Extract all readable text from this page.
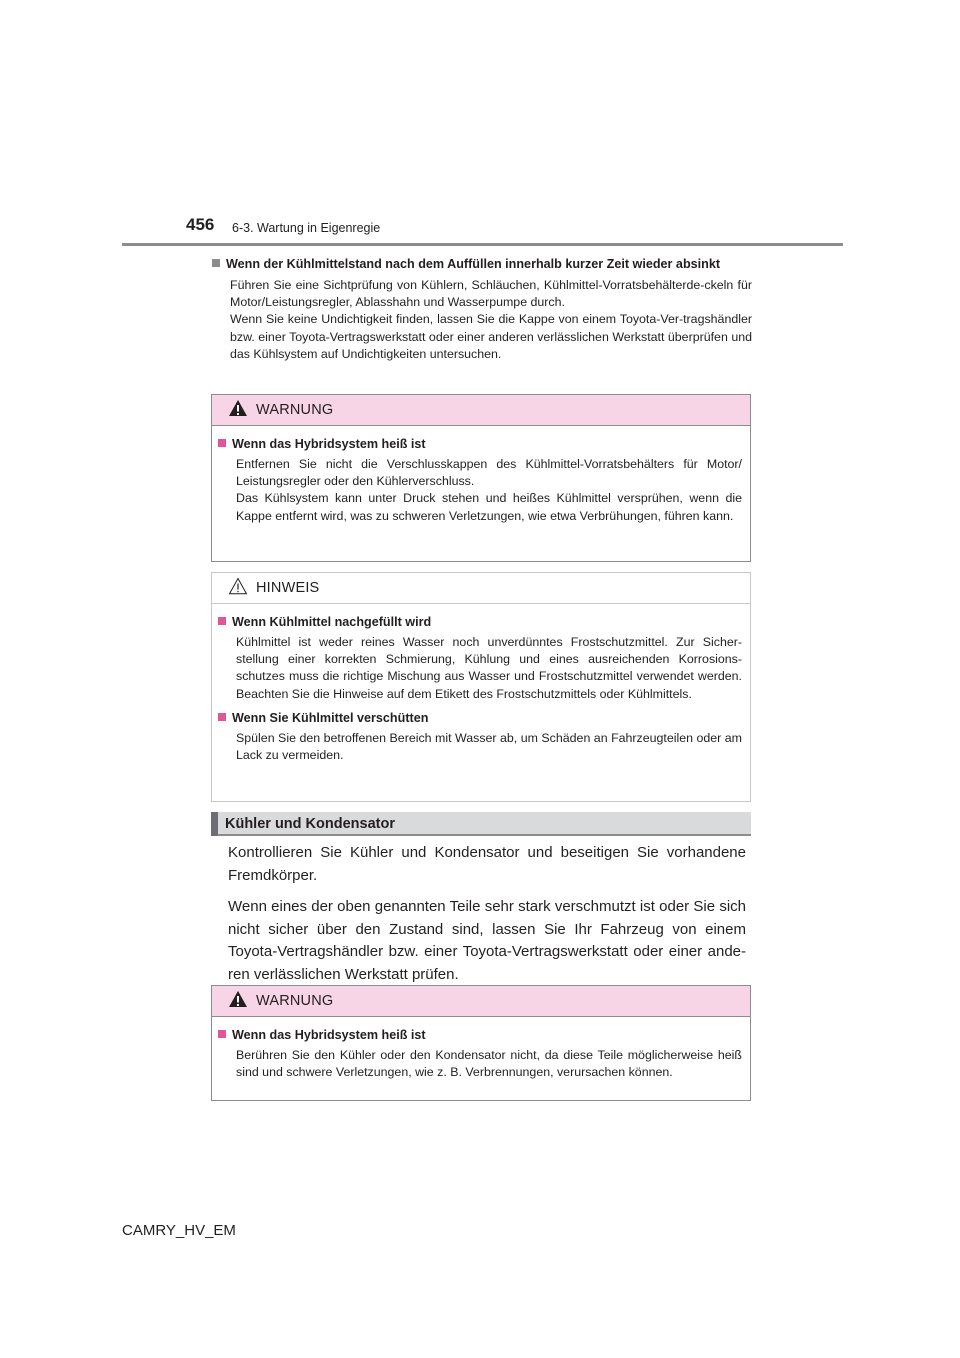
456 6-3. Wartung in Eigenregie
Wenn der Kühlmittelstand nach dem Auffüllen innerhalb kurzer Zeit wieder absinkt

Führen Sie eine Sichtprüfung von Kühlern, Schläuchen, Kühlmittel-Vorratsbehälterde-ckeln für Motor/Leistungsregler, Ablasshahn und Wasserpumpe durch.

Wenn Sie keine Undichtigkeit finden, lassen Sie die Kappe von einem Toyota-Ver-tragshändler bzw. einer Toyota-Vertragswerkstatt oder einer anderen verlässlichen Werkstatt überprüfen und das Kühlsystem auf Undichtigkeiten untersuchen.

WARNUNG
Wenn das Hybridsystem heiß ist

Entfernen Sie nicht die Verschlusskappen des Kühlmittel-Vorratsbehälters für Motor/ Leistungsregler oder den Kühlerverschluss.

Das Kühlsystem kann unter Druck stehen und heißes Kühlmittel versprühen, wenn die Kappe entfernt wird, was zu schweren Verletzungen, wie etwa Verbrühungen, führen kann.

HINWEIS
Wenn Kühlmittel nachgefüllt wird
Kühlmittel ist weder reines Wasser noch unverdünntes Frostschutzmittel. Zur Sicher-stellung einer korrekten Schmierung, Kühlung und eines ausreichenden Korrosions-schutzes muss die richtige Mischung aus Wasser und Frostschutzmittel verwendet werden. Beachten Sie die Hinweise auf dem Etikett des Frostschutzmittels oder Kühlmittels.
Wenn Sie Kühlmittel verschütten
Spülen Sie den betroffenen Bereich mit Wasser ab, um Schäden an Fahrzeugteilen oder am Lack zu vermeiden.
Kühler und Kondensator

Kontrollieren Sie Kühler und Kondensator und beseitigen Sie vorhandene Fremdkörper.

Wenn eines der oben genannten Teile sehr stark verschmutzt ist oder Sie sich nicht sicher über den Zustand sind, lassen Sie Ihr Fahrzeug von einem Toyota-Vertragshändler bzw. einer Toyota-Vertragswerkstatt oder einer ande-ren verlässlichen Werkstatt prüfen.

WARNUNG
Wenn das Hybridsystem heiß ist
Berühren Sie den Kühler oder den Kondensator nicht, da diese Teile möglicherweise heiß sind und schwere Verletzungen, wie z. B. Verbrennungen, verursachen können.
CAMRY_HV_EM
